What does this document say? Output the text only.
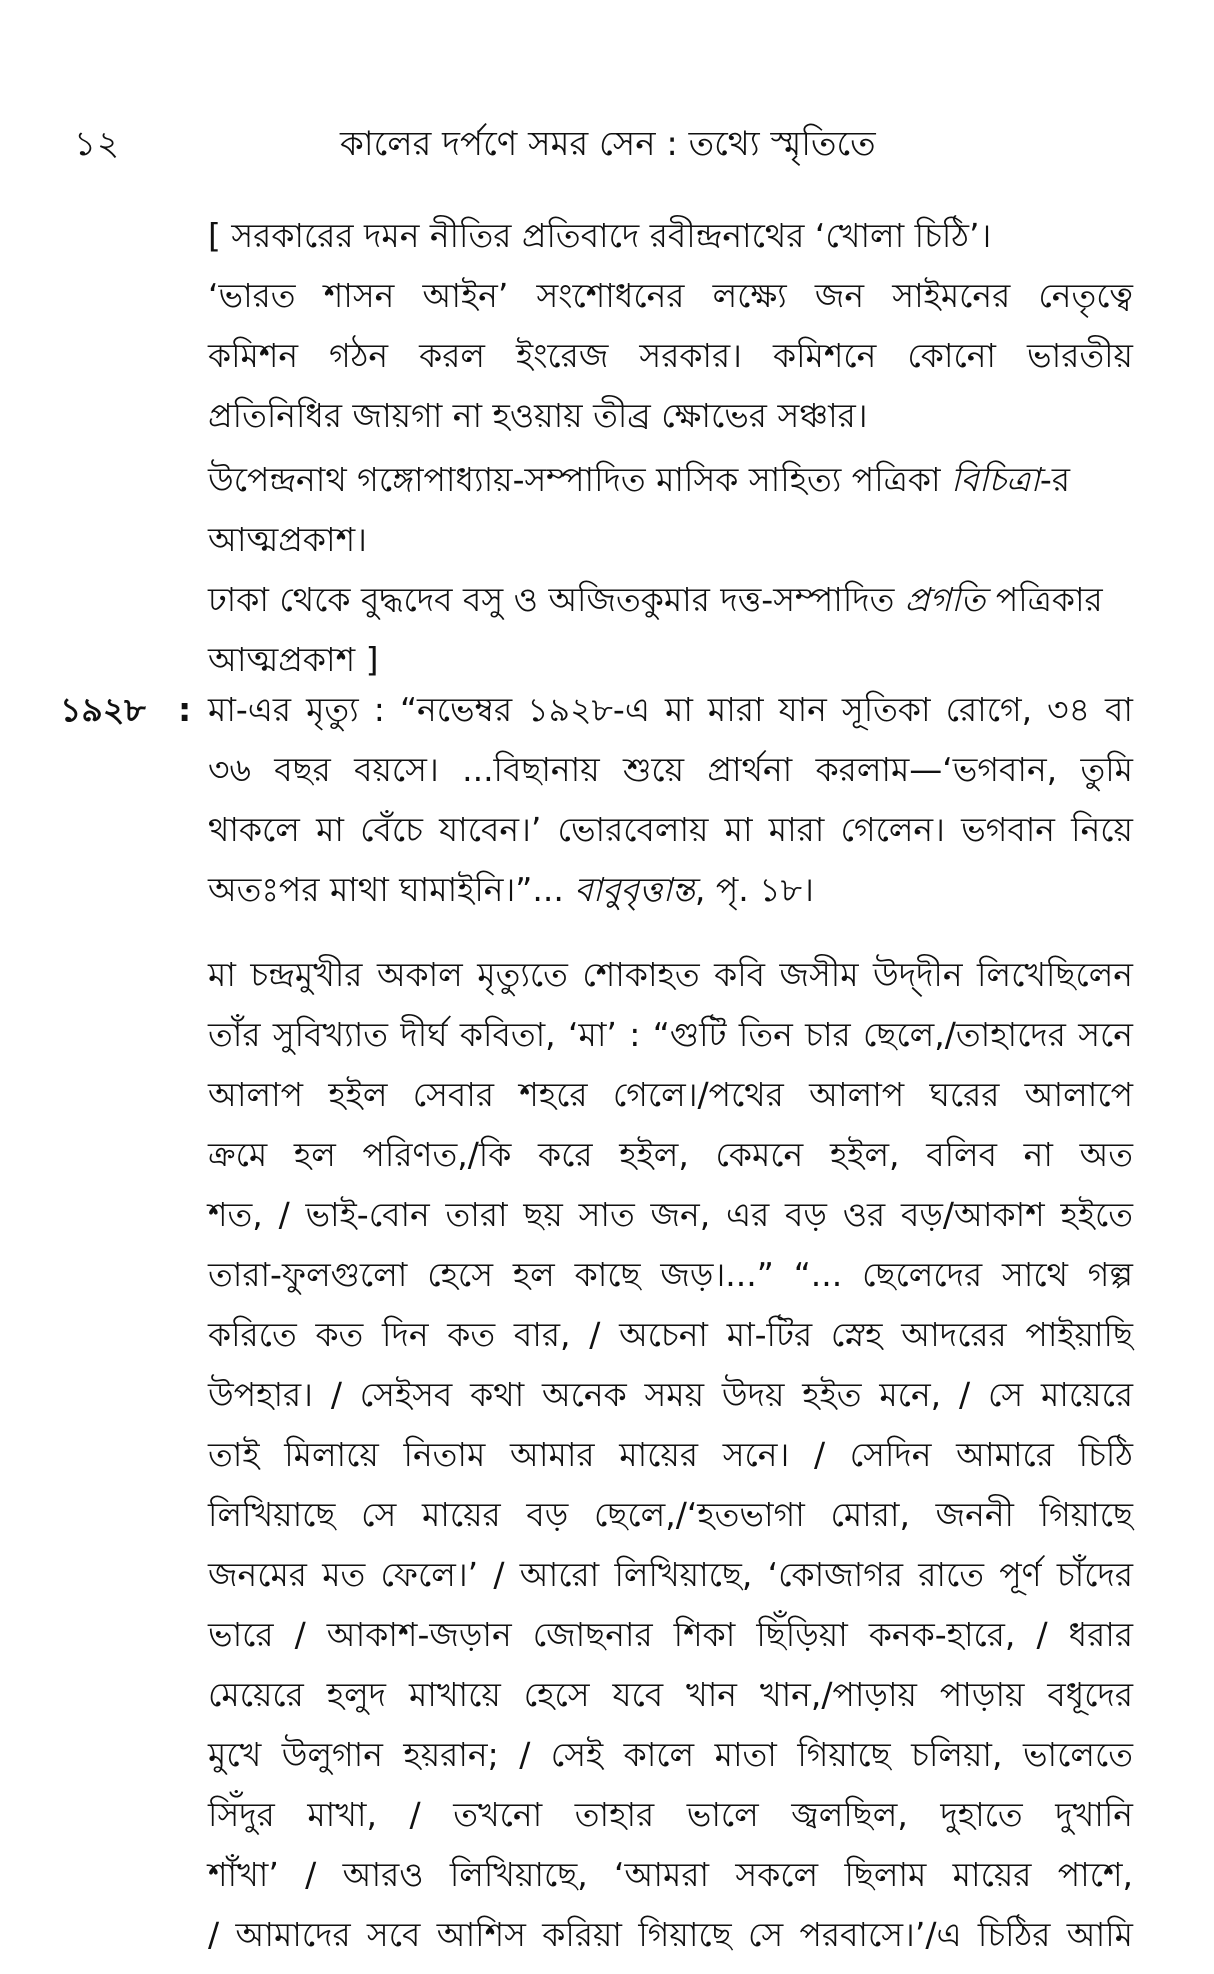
১২	কালের দর্পণে সমর সেন : তথ্যে স্মৃতিতে
[ সরকারের দমন নীতির প্রতিবাদে রবীন্দ্রনাথের ‘খোলা চিঠি’।
‘ভারত শাসন আইন’ সংশোধনের লক্ষ্যে জন সাইমনের নেতৃত্বে
কমিশন গঠন করল ইংরেজ সরকার। কমিশনে কোনো ভারতীয়
প্রতিনিধির জায়গা না হওয়ায় তীব্র ক্ষোভের সঞ্চার।
উপেন্দ্রনাথ গঙ্গোপাধ্যায়-সম্পাদিত মাসিক সাহিত্য পত্রিকা বিচিত্রা-র
আত্মপ্রকাশ।
ঢাকা থেকে বুদ্ধদেব বসু ও অজিতকুমার দত্ত-সম্পাদিত প্রগতি পত্রিকার
আত্মপ্রকাশ ]
১৯২৮ : মা-এর মৃত্যু : “নভেম্বর ১৯২৮-এ মা মারা যান সূতিকা রোগে, ৩৪ বা
৩৬ বছর বয়সে। ...বিছানায় শুয়ে প্রার্থনা করলাম—‘ভগবান, তুমি
থাকলে মা বেঁচে যাবেন।’ ভোরবেলায় মা মারা গেলেন। ভগবান নিয়ে
অতঃপর মাথা ঘামাইনি।”... বাবুবৃত্তান্ত, পৃ. ১৮।
মা চন্দ্রমুখীর অকাল মৃত্যুতে শোকাহত কবি জসীম উদ্‌দীন লিখেছিলেন
তাঁর সুবিখ্যাত দীর্ঘ কবিতা, ‘মা’ : “গুটি তিন চার ছেলে,/তাহাদের সনে
আলাপ হইল সেবার শহরে গেলে।/পথের আলাপ ঘরের আলাপে
ক্রমে হল পরিণত,/কি করে হইল, কেমনে হইল, বলিব না অত
শত, / ভাই-বোন তারা ছয় সাত জন, এর বড় ওর বড়/আকাশ হইতে
তারা-ফুলগুলো হেসে হল কাছে জড়।...” “... ছেলেদের সাথে গল্প
করিতে কত দিন কত বার, / অচেনা মা-টির স্নেহ আদরের পাইয়াছি
উপহার। / সেইসব কথা অনেক সময় উদয় হইত মনে, / সে মায়েরে
তাই মিলায়ে নিতাম আমার মায়ের সনে। / সেদিন আমারে চিঠি
লিখিয়াছে সে মায়ের বড় ছেলে,/‘হতভাগা মোরা, জননী গিয়াছে
জনমের মত ফেলে।’ / আরো লিখিয়াছে, ‘কোজাগর রাতে পূর্ণ চাঁদের
ভারে / আকাশ-জড়ান জোছনার শিকা ছিঁড়িয়া কনক-হারে, / ধরার
মেয়েরে হলুদ মাখায়ে হেসে যবে খান খান,/পাড়ায় পাড়ায় বধূদের
মুখে উলুগান হয়রান; / সেই কালে মাতা গিয়াছে চলিয়া, ভালেতে
সিঁদুর মাখা, / তখনো তাহার ভালে জ্বলছিল, দুহাতে দুখানি
শাঁখা’ / আরও লিখিয়াছে, ‘আমরা সকলে ছিলাম মায়ের পাশে,
/ আমাদের সবে আশিস করিয়া গিয়াছে সে পরবাসে।’/এ চিঠির আমি
